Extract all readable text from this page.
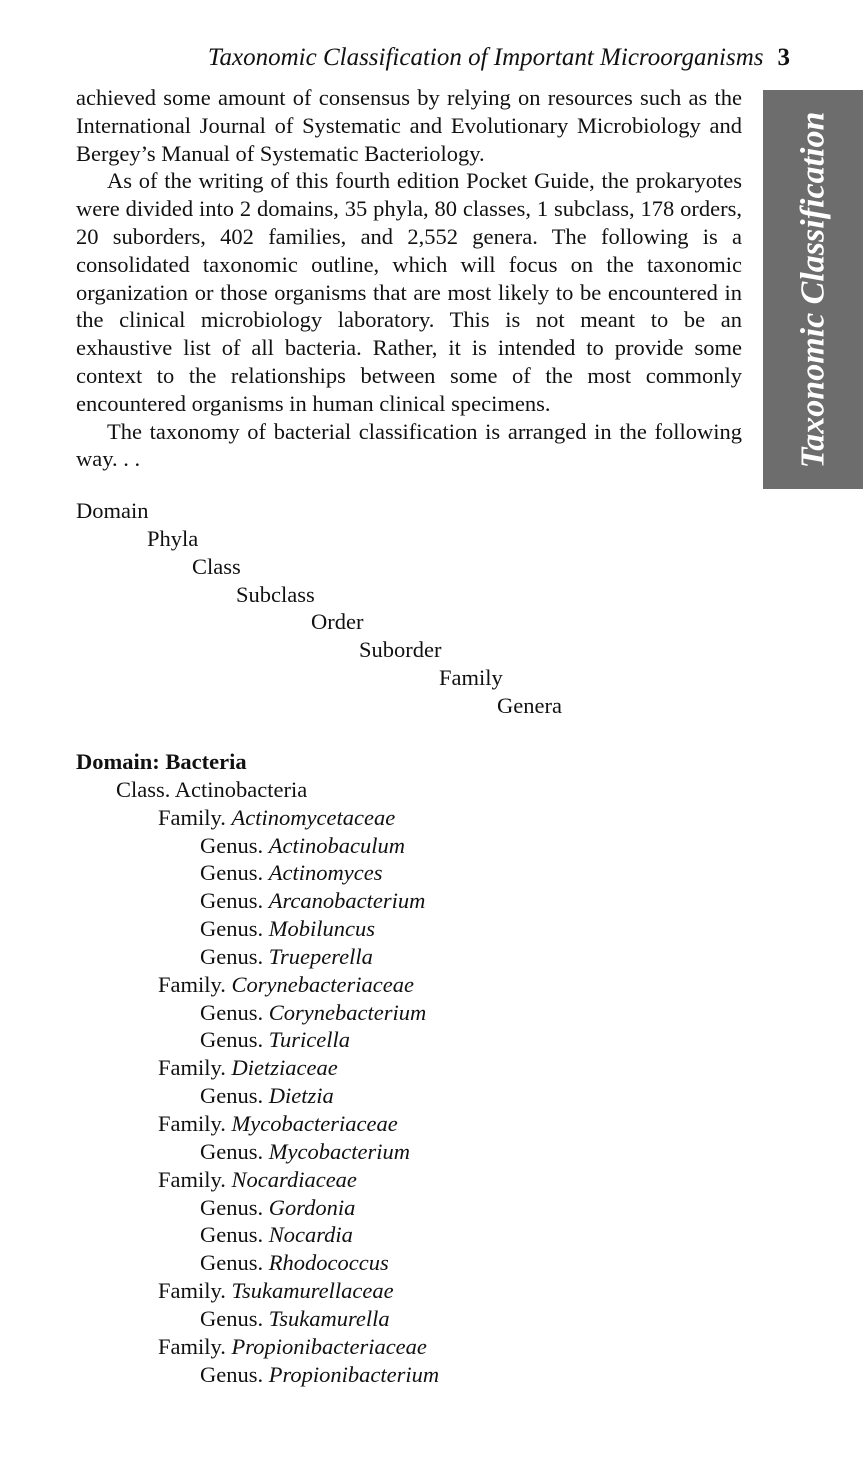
Taxonomic Classification of Important Microorganisms 3
Taxonomic Classification

achieved some amount of consensus by relying on resources such as the International Journal of Systematic and Evolutionary Microbiology and Bergey’s Manual of Systematic Bacteriology.

As of the writing of this fourth edition Pocket Guide, the prokaryotes were divided into 2 domains, 35 phyla, 80 classes, 1 subclass, 178 orders, 20 suborders, 402 families, and 2,552 genera. The following is a consolidated taxonomic outline, which will focus on the taxonomic organization or those organisms that are most likely to be encountered in the clinical microbiology laboratory. This is not meant to be an exhaustive list of all bacteria. Rather, it is intended to provide some context to the relationships between some of the most commonly encountered organisms in human clinical specimens.

The taxonomy of bacterial classification is arranged in the following way. . .

Domain
Phyla
Class
Subclass
Order
Suborder
Family
Genera
Domain: Bacteria
Class. Actinobacteria
Family. Actinomycetaceae
Genus. Actinobaculum
Genus. Actinomyces
Genus. Arcanobacterium
Genus. Mobiluncus
Genus. Trueperella
Family. Corynebacteriaceae
Genus. Corynebacterium
Genus. Turicella
Family. Dietziaceae
Genus. Dietzia
Family. Mycobacteriaceae
Genus. Mycobacterium
Family. Nocardiaceae
Genus. Gordonia
Genus. Nocardia
Genus. Rhodococcus
Family. Tsukamurellaceae
Genus. Tsukamurella
Family. Propionibacteriaceae
Genus. Propionibacterium
